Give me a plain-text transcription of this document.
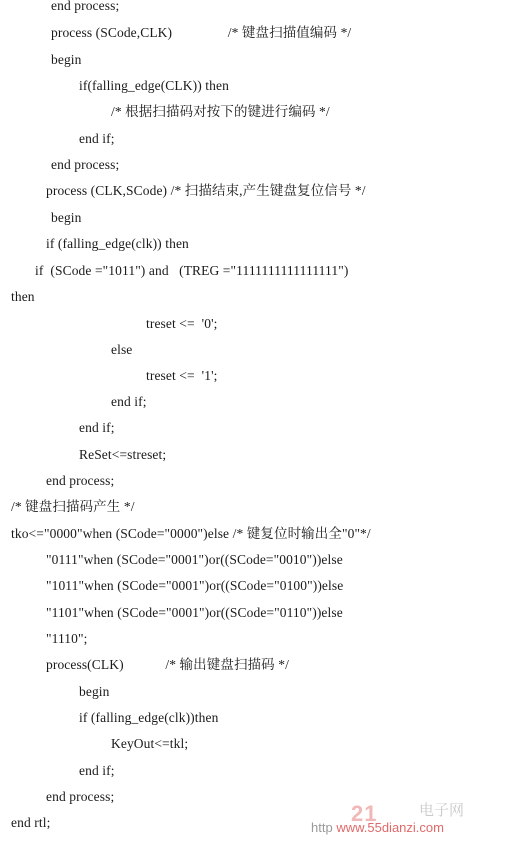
end process;
process (SCode,CLK)                /* 键盘扫描值编码 */
begin
if(falling_edge(CLK)) then
/* 根据扫描码对按下的键进行编码 */
end if;
end process;
process (CLK,SCode) /* 扫描结束,产生键盘复位信号 */
begin
if (falling_edge(clk)) then
if  (SCode ="1011") and   (TREG ="1111111111111111")
then
treset <=  '0';
else
treset <=  '1';
end if;
end if;
ReSet<=streset;
end process;
/* 键盘扫描码产生 */
tko<="0000"when (SCode="0000")else /* 键复位时输出全"0"*/
"0111"when (SCode="0001")or((SCode="0010"))else
"1011"when (SCode="0001")or((SCode="0100"))else
"1101"when (SCode="0001")or((SCode="0110"))else
"1110";
process(CLK)            /* 输出键盘扫描码 */
begin
if (falling_edge(clk))then
KeyOut<=tkl;
end if;
end process;
end rtl;	21	电子网
http www.55dianzi.com
